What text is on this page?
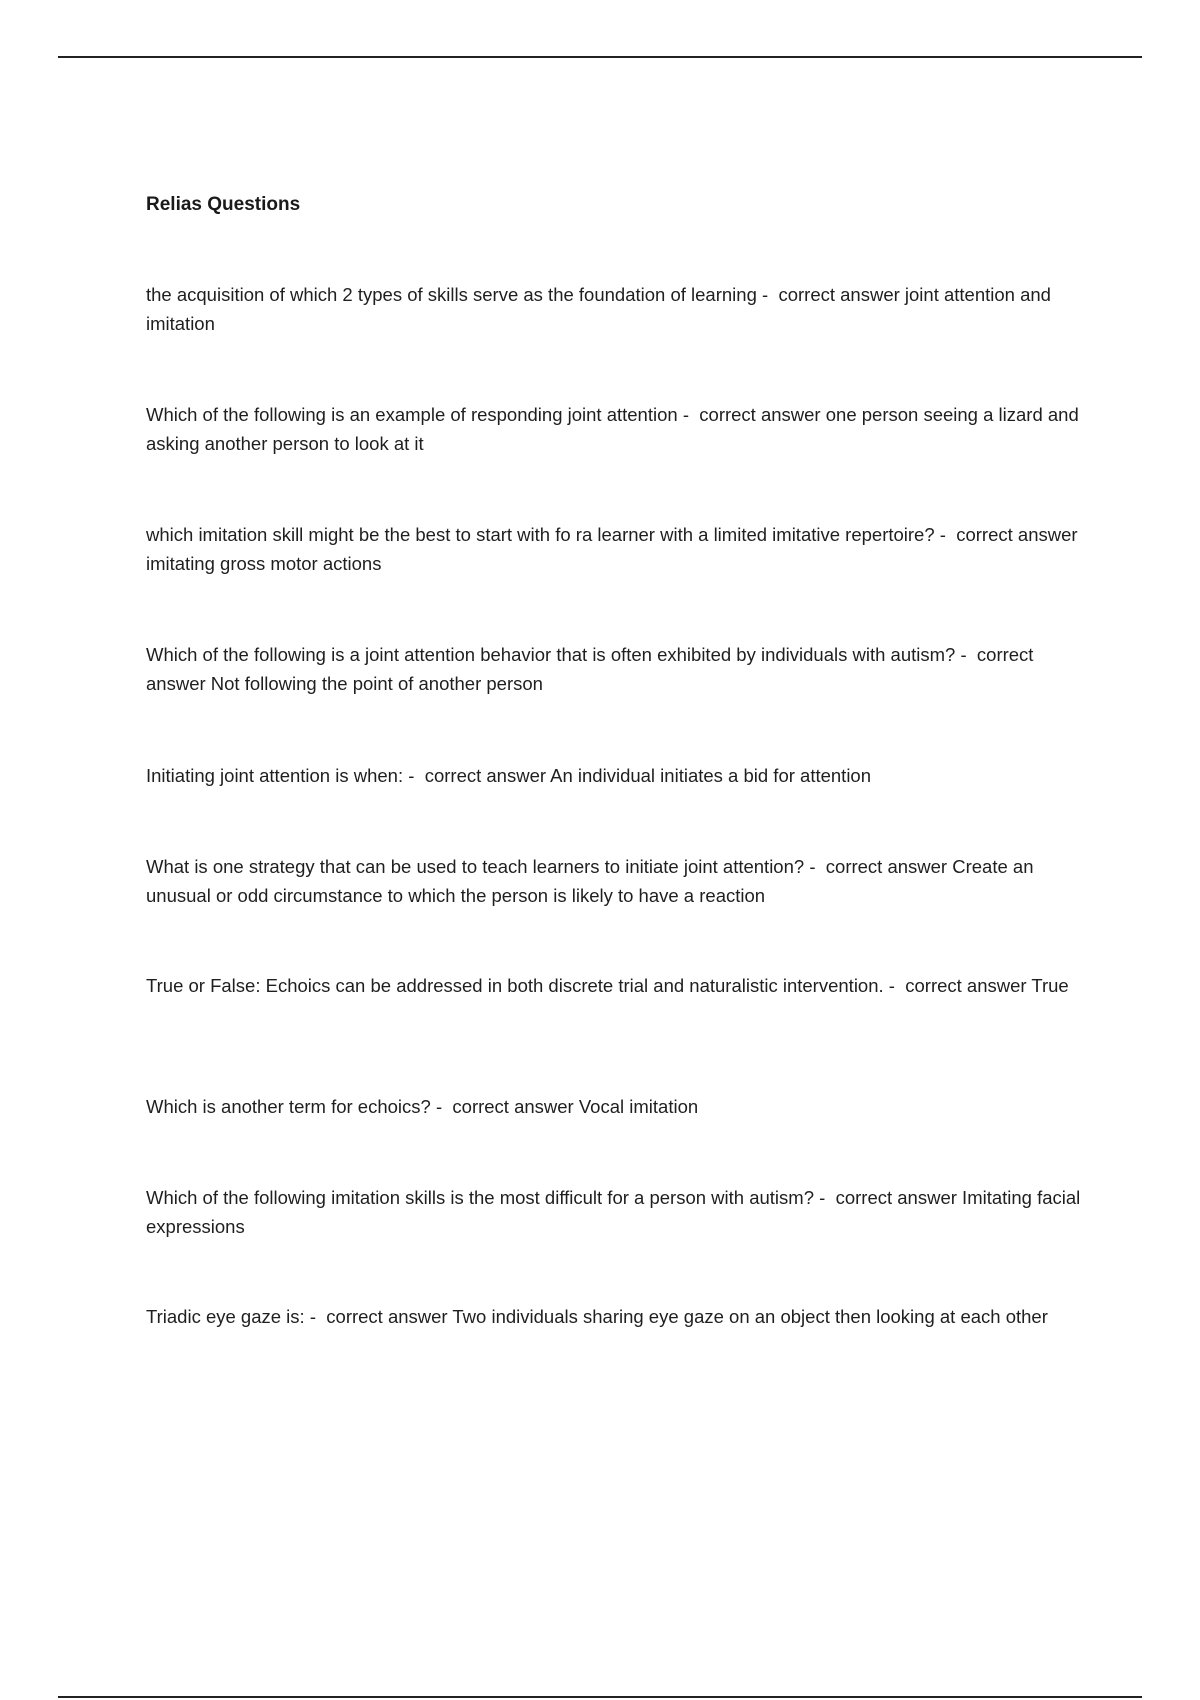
Relias Questions
the acquisition of which 2 types of skills serve as the foundation of learning -  correct answer joint attention and imitation
Which of the following is an example of responding joint attention -  correct answer one person seeing a lizard and asking another person to look at it
which imitation skill might be the best to start with fo ra learner with a limited imitative repertoire? -  correct answer imitating gross motor actions
Which of the following is a joint attention behavior that is often exhibited by individuals with autism? -  correct answer Not following the point of another person
Initiating joint attention is when: -  correct answer An individual initiates a bid for attention
What is one strategy that can be used to teach learners to initiate joint attention? -  correct answer Create an unusual or odd circumstance to which the person is likely to have a reaction
True or False: Echoics can be addressed in both discrete trial and naturalistic intervention. -  correct answer True
Which is another term for echoics? -  correct answer Vocal imitation
Which of the following imitation skills is the most difficult for a person with autism? -  correct answer Imitating facial expressions
Triadic eye gaze is: -  correct answer Two individuals sharing eye gaze on an object then looking at each other
